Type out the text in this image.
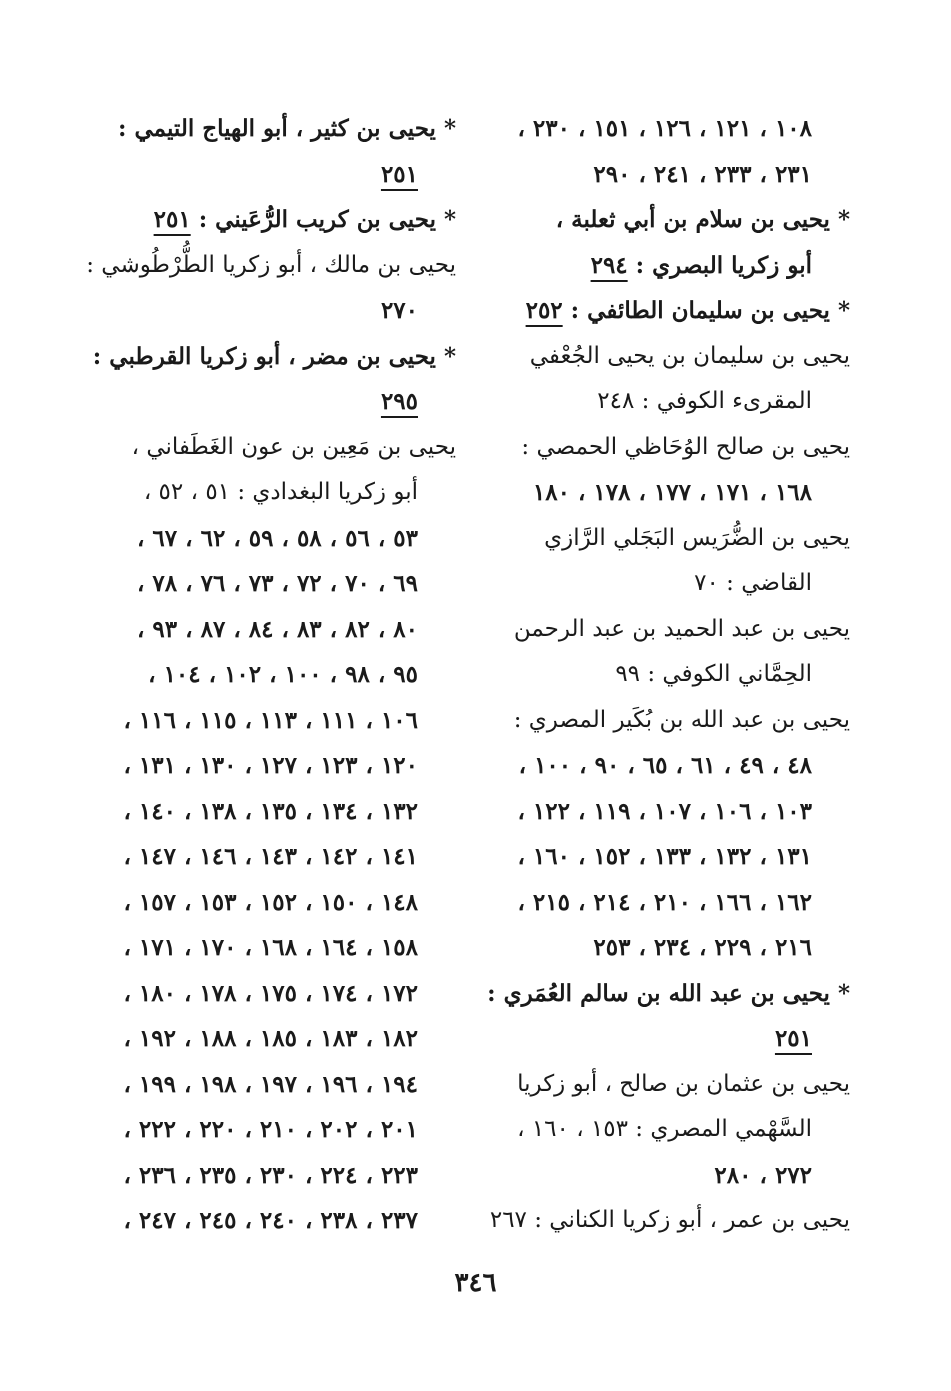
١٠٨ ، ١٢١ ، ١٢٦ ، ١٥١ ، ٢٣٠ ،
٢٣١ ، ٢٣٣ ، ٢٤١ ، ٢٩٠
* يحيى بن سلام بن أبي ثعلبة ،
أبو زكريا البصري : ٢٩٤
* يحيى بن سليمان الطائفي : ٢٥٢
يحيى بن سليمان بن يحيى الجُعْفي
المقرىء الكوفي : ٢٤٨
يحيى بن صالح الوُحَاظي الحمصي :
١٦٨ ، ١٧١ ، ١٧٧ ، ١٧٨ ، ١٨٠
يحيى بن الضُّرَيس البَجَلي الرَّازي
القاضي : ٧٠
يحيى بن عبد الحميد بن عبد الرحمن
الحِمَّاني الكوفي : ٩٩
يحيى بن عبد الله بن بُكَير المصري :
٤٨ ، ٤٩ ، ٦١ ، ٦٥ ، ٩٠ ، ١٠٠ ،
١٠٣ ، ١٠٦ ، ١٠٧ ، ١١٩ ، ١٢٢ ،
١٣١ ، ١٣٢ ، ١٣٣ ، ١٥٢ ، ١٦٠ ،
١٦٢ ، ١٦٦ ، ٢١٠ ، ٢١٤ ، ٢١٥ ،
٢١٦ ، ٢٢٩ ، ٢٣٤ ، ٢٥٣
* يحيى بن عبد الله بن سالم العُمَري :
٢٥١
يحيى بن عثمان بن صالح ، أبو زكريا
السَّهْمي المصري : ١٥٣ ، ١٦٠ ،
٢٧٢ ، ٢٨٠
يحيى بن عمر ، أبو زكريا الكناني : ٢٦٧
* يحيى بن كثير ، أبو الهياج التيمي :
٢٥١
* يحيى بن كريب الرُّعَيني : ٢٥١
يحيى بن مالك ، أبو زكريا الطُّرْطُوشي :
٢٧٠
* يحيى بن مضر ، أبو زكريا القرطبي :
٢٩٥
يحيى بن مَعِين بن عون الغَطَفاني ،
أبو زكريا البغدادي : ٥١ ، ٥٢ ،
٥٣ ، ٥٦ ، ٥٨ ، ٥٩ ، ٦٢ ، ٦٧ ،
٦٩ ، ٧٠ ، ٧٢ ، ٧٣ ، ٧٦ ، ٧٨ ،
٨٠ ، ٨٢ ، ٨٣ ، ٨٤ ، ٨٧ ، ٩٣ ،
٩٥ ، ٩٨ ، ١٠٠ ، ١٠٢ ، ١٠٤ ،
١٠٦ ، ١١١ ، ١١٣ ، ١١٥ ، ١١٦ ،
١٢٠ ، ١٢٣ ، ١٢٧ ، ١٣٠ ، ١٣١ ،
١٣٢ ، ١٣٤ ، ١٣٥ ، ١٣٨ ، ١٤٠ ،
١٤١ ، ١٤٢ ، ١٤٣ ، ١٤٦ ، ١٤٧ ،
١٤٨ ، ١٥٠ ، ١٥٢ ، ١٥٣ ، ١٥٧ ،
١٥٨ ، ١٦٤ ، ١٦٨ ، ١٧٠ ، ١٧١ ،
١٧٢ ، ١٧٤ ، ١٧٥ ، ١٧٨ ، ١٨٠ ،
١٨٢ ، ١٨٣ ، ١٨٥ ، ١٨٨ ، ١٩٢ ،
١٩٤ ، ١٩٦ ، ١٩٧ ، ١٩٨ ، ١٩٩ ،
٢٠١ ، ٢٠٢ ، ٢١٠ ، ٢٢٠ ، ٢٢٢ ،
٢٢٣ ، ٢٢٤ ، ٢٣٠ ، ٢٣٥ ، ٢٣٦ ،
٢٣٧ ، ٢٣٨ ، ٢٤٠ ، ٢٤٥ ، ٢٤٧ ،
٣٤٦
